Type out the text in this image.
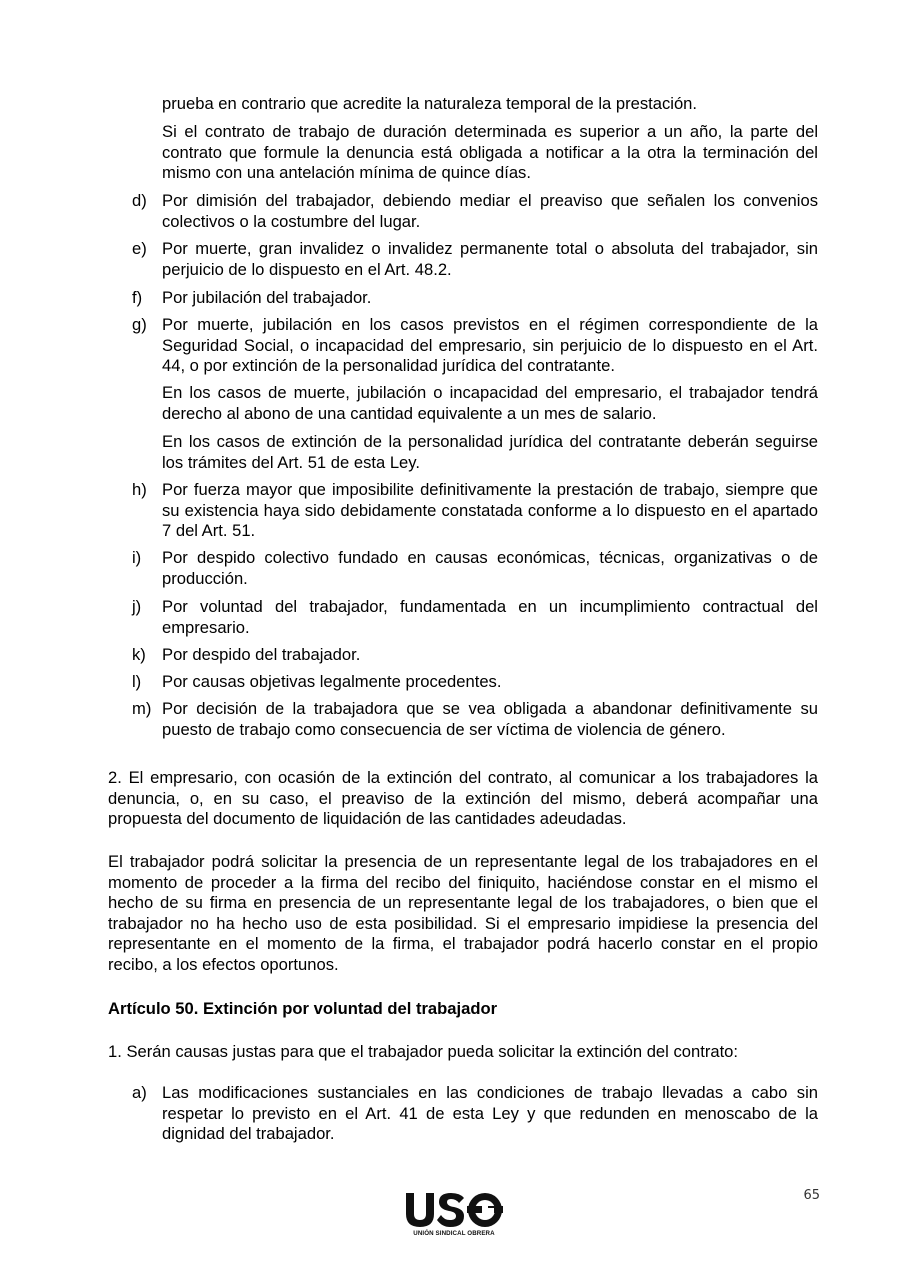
prueba en contrario que acredite la naturaleza temporal de la prestación.
Si el contrato de trabajo de duración determinada es superior a un año, la parte del contrato que formule la denuncia está obligada a notificar a la otra la terminación del mismo con una antelación mínima de quince días.
d) Por dimisión del trabajador, debiendo mediar el preaviso que señalen los convenios colectivos o la costumbre del lugar.
e) Por muerte, gran invalidez o invalidez permanente total o absoluta del trabajador, sin perjuicio de lo dispuesto en el Art. 48.2.
f)	Por jubilación del trabajador.
g) Por muerte, jubilación en los casos previstos en el régimen correspondiente de la Seguridad Social, o incapacidad del empresario, sin perjuicio de lo dispuesto en el Art. 44, o por extinción de la personalidad jurídica del contratante.
En los casos de muerte, jubilación o incapacidad del empresario, el trabajador tendrá derecho al abono de una cantidad equivalente a un mes de salario.
En los casos de extinción de la personalidad jurídica del contratante deberán seguirse los trámites del Art. 51 de esta Ley.
h) Por fuerza mayor que imposibilite definitivamente la prestación de trabajo, siempre que su existencia haya sido debidamente constatada conforme a lo dispuesto en el apartado 7 del Art. 51.
i)	Por despido colectivo fundado en causas económicas, técnicas, organizativas o de producción.
j)	Por voluntad del trabajador, fundamentada en un incumplimiento contractual del empresario.
k) Por despido del trabajador.
l)	Por causas objetivas legalmente procedentes.
m) Por decisión de la trabajadora que se vea obligada a abandonar definitivamente su puesto de trabajo como consecuencia de ser víctima de violencia de género.
2. El empresario, con ocasión de la extinción del contrato, al comunicar a los trabajadores la denuncia, o, en su caso, el preaviso de la extinción del mismo, deberá acompañar una propuesta del documento de liquidación de las cantidades adeudadas.
El trabajador podrá solicitar la presencia de un representante legal de los trabajadores en el momento de proceder a la firma del recibo del finiquito, haciéndose constar en el mismo el hecho de su firma en presencia de un representante legal de los trabajadores, o bien que el trabajador no ha hecho uso de esta posibilidad. Si el empresario impidiese la presencia del representante en el momento de la firma, el trabajador podrá hacerlo constar en el propio recibo, a los efectos oportunos.
Artículo 50. Extinción por voluntad del trabajador
1. Serán causas justas para que el trabajador pueda solicitar la extinción del contrato:
a) Las modificaciones sustanciales en las condiciones de trabajo llevadas a cabo sin respetar lo previsto en el Art. 41 de esta Ley y que redunden en menoscabo de la dignidad del trabajador.
65
UNIÓN SINDICAL OBRERA
